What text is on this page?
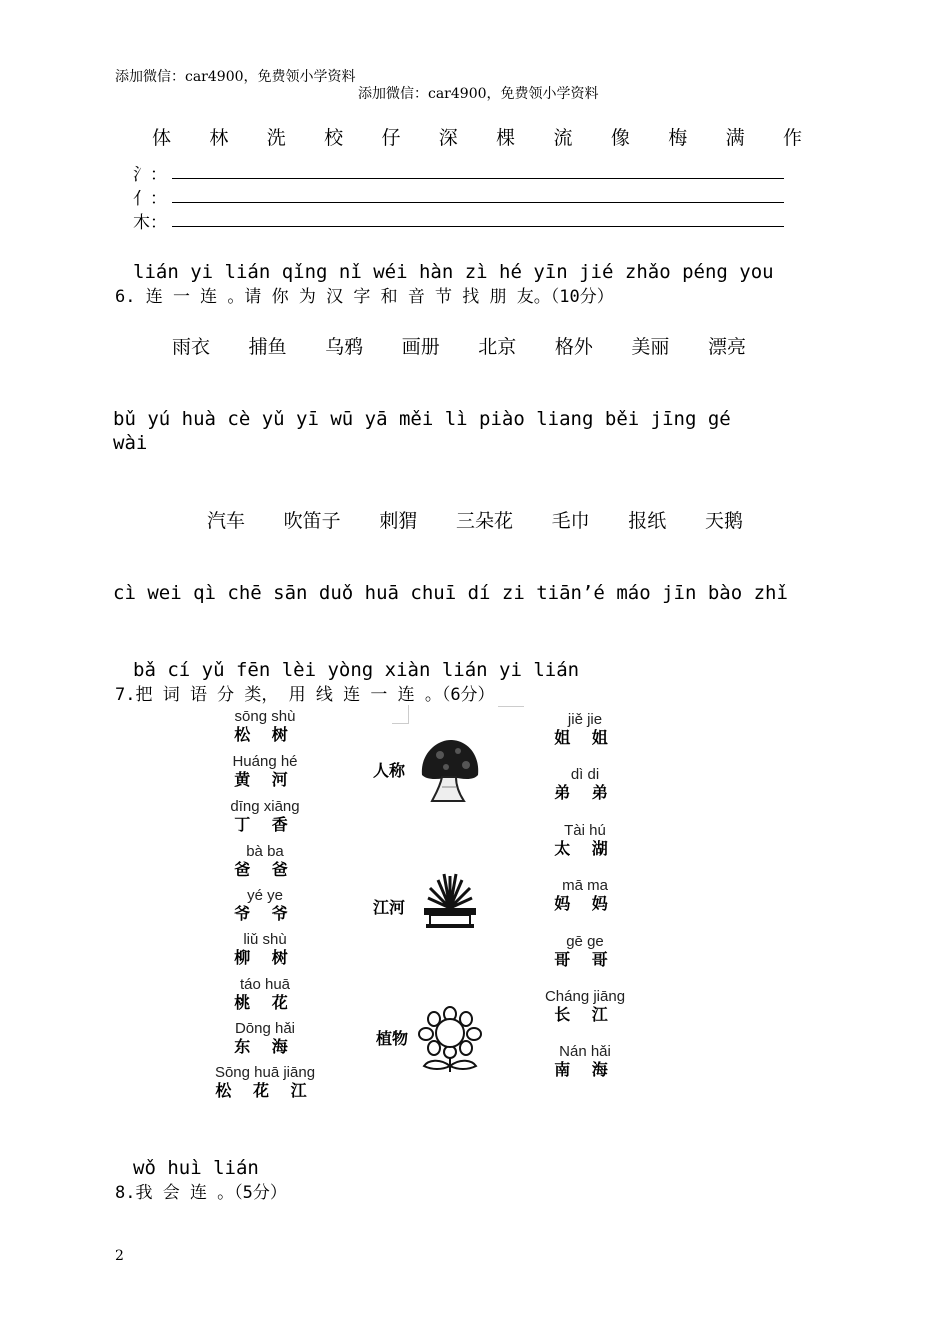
添加微信：car4900，免费领小学资料
添加微信：car4900，免费领小学资料
体 林 洗 校 仔 深 棵 流 像 梅 满 作
氵：
亻：
木：
lián yi lián qǐng nǐ wéi hàn zì hé yīn jié zhǎo péng you
6. 连 一 连 。请 你 为 汉 字 和 音 节 找 朋 友。（10分）
雨衣 捕鱼 乌鸦 画册 北京 格外 美丽 漂亮
bǔ yú huà cè yǔ yī wū yā měi lì piào liang běi jīng gé
wài
汽车 吹笛子 刺猬 三朵花 毛巾 报纸 天鹅
cì wei qì chē sān duǒ huā chuī dí zi tiān’é máo jīn bào zhǐ
bǎ cí yǔ fēn lèi yòng xiàn lián yi lián
7.把 词 语 分 类， 用 线 连 一 连 。（6分）
sōng shù
松 树
Huáng hé
黄 河
dīng xiāng
丁 香
bà ba
爸 爸
yé ye
爷 爷
liǔ shù
柳 树
táo huā
桃 花
Dōng hǎi
东 海
Sōng huā jiāng
松 花 江
人称
江河
植物
jiě jie
姐 姐
dì di
弟 弟
Tài hú
太 湖
mā ma
妈 妈
gē ge
哥 哥
Cháng jiāng
长 江
Nán hǎi
南 海
wǒ huì lián
8.我 会 连 。（5分）
2
